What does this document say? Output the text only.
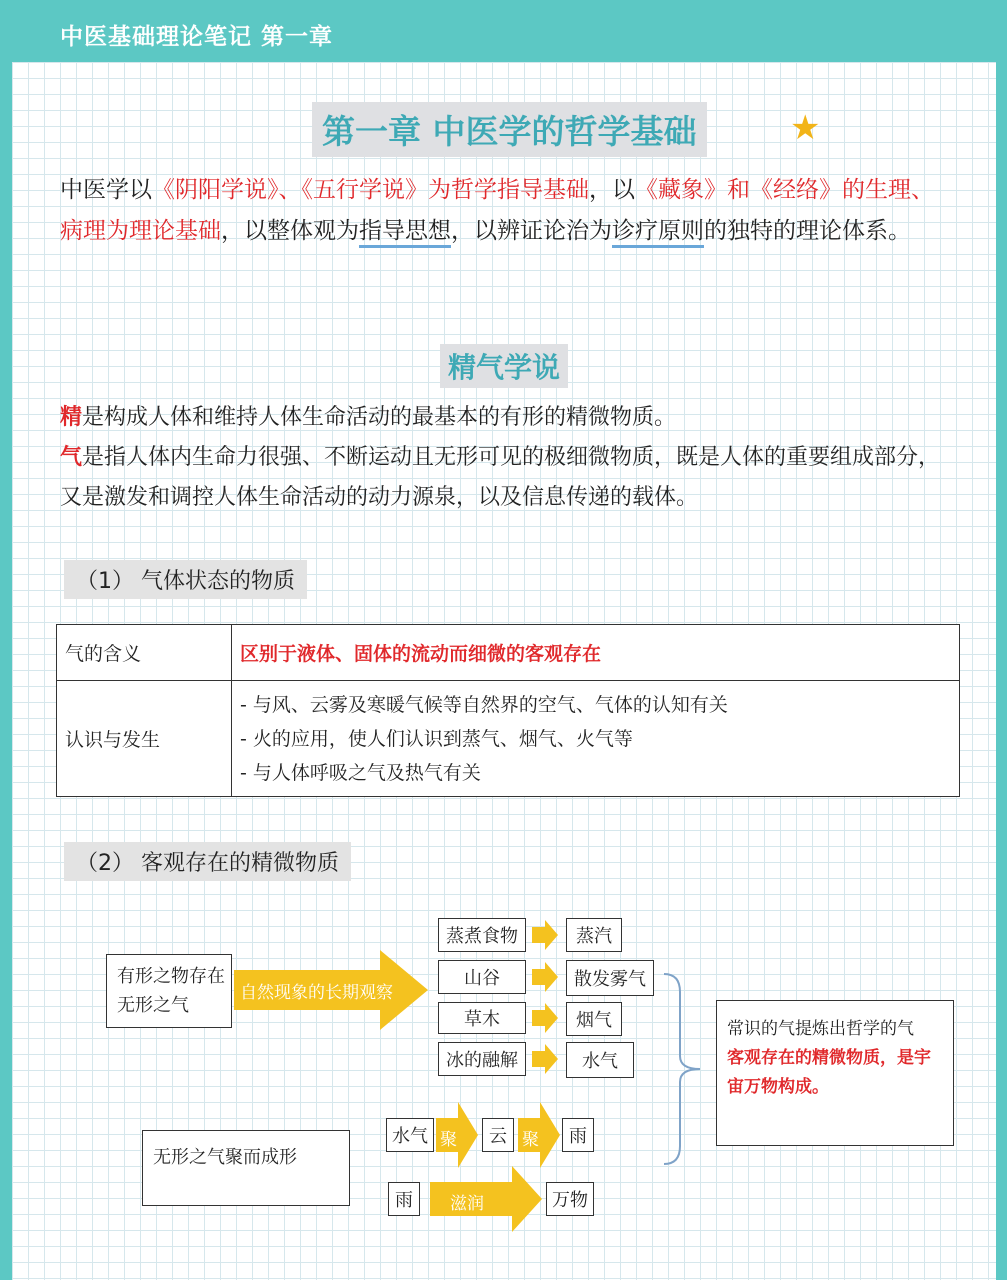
中医基础理论笔记 第一章
第一章 中医学的哲学基础	★
中医学以《阴阳学说》、《五行学说》为哲学指导基础，以《藏象》和《经络》的生理、病理为理论基础，以整体观为指导思想，以辨证论治为诊疗原则的独特的理论体系。
精气学说
精是构成人体和维持人体生命活动的最基本的有形的精微物质。
气是指人体内生命力很强、不断运动且无形可见的极细微物质，既是人体的重要组成部分，又是激发和调控人体生命活动的动力源泉，以及信息传递的载体。
（1） 气体状态的物质
气的含义	区别于液体、固体的流动而细微的客观存在
认识与发生	- 与风、云雾及寒暖气候等自然界的空气、气体的认知有关
- 火的应用，使人们认识到蒸气、烟气、火气等
- 与人体呼吸之气及热气有关
（2） 客观存在的精微物质
有形之物存在无形之气
自然现象的长期观察
蒸煮食物
山谷
草木
冰的融解
蒸汽
散发雾气
烟气
水气
常识的气提炼出哲学的气
客观存在的精微物质，是宇宙万物构成。
无形之气聚而成形
水气 聚	云 聚	雨
雨	滋润	万物
